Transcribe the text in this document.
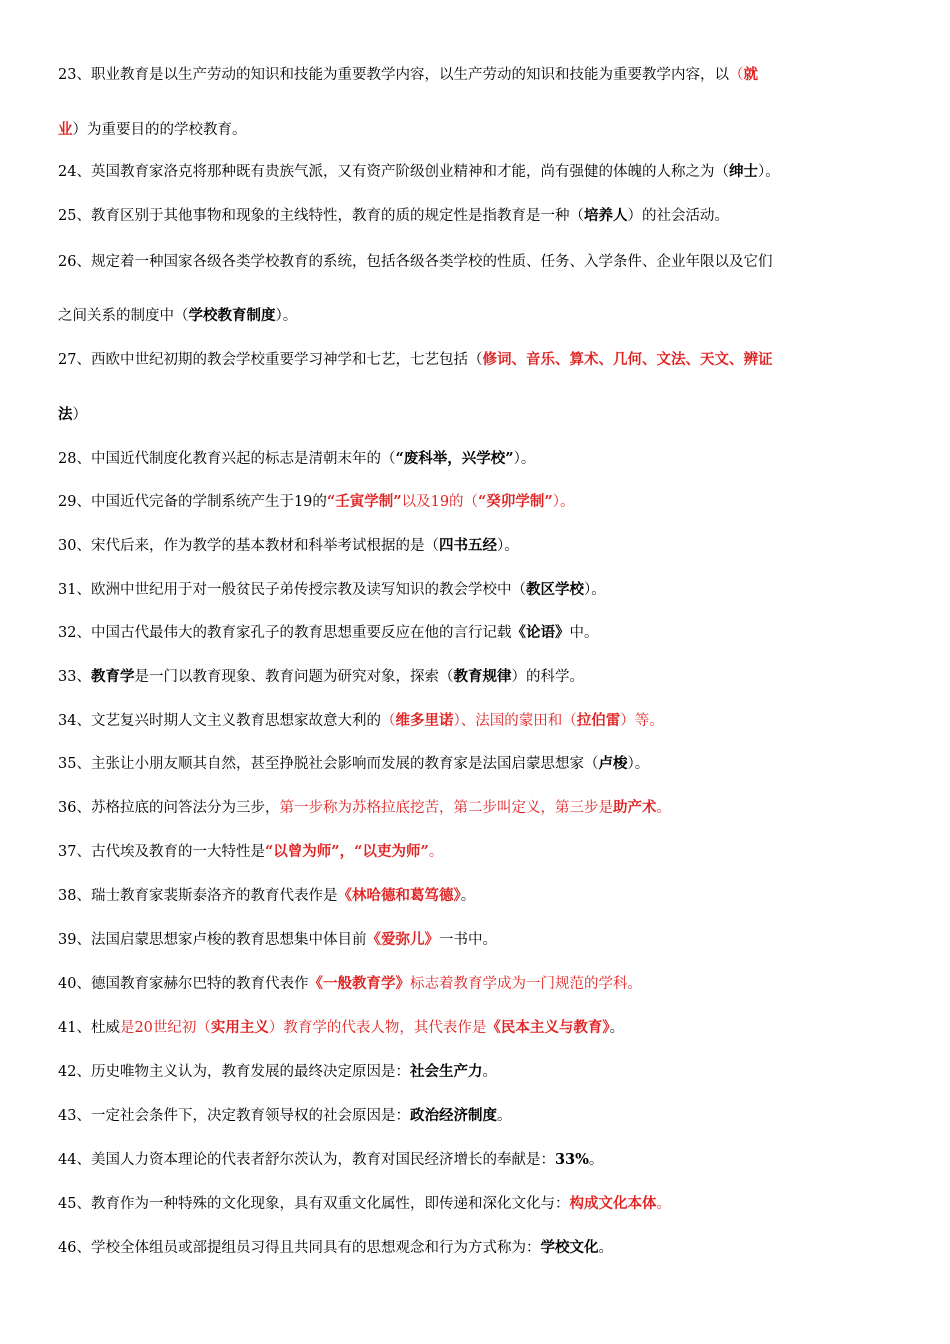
23、职业教育是以生产劳动的知识和技能为重要教学内容，以生产劳动的知识和技能为重要教学内容，以（就
业）为重要目的的学校教育。
24、英国教育家洛克将那种既有贵族气派，又有资产阶级创业精神和才能，尚有强健的体魄的人称之为（绅士）。
25、教育区别于其他事物和现象的主线特性，教育的质的规定性是指教育是一种（培养人）的社会活动。
26、规定着一种国家各级各类学校教育的系统，包括各级各类学校的性质、任务、入学条件、企业年限以及它们
之间关系的制度中（学校教育制度）。
27、西欧中世纪初期的教会学校重要学习神学和七艺，七艺包括（修词、音乐、算术、几何、文法、天文、辨证
法）
28、中国近代制度化教育兴起的标志是清朝末年的（“废科举，兴学校”）。
29、中国近代完备的学制系统产生于19的“壬寅学制”以及19的（“癸卯学制”）。
30、宋代后来，作为教学的基本教材和科举考试根据的是（四书五经）。
31、欧洲中世纪用于对一般贫民子弟传授宗教及读写知识的教会学校中（教区学校）。
32、中国古代最伟大的教育家孔子的教育思想重要反应在他的言行记载《论语》中。
33、教育学是一门以教育现象、教育问题为研究对象，探索（教育规律）的科学。
34、文艺复兴时期人文主义教育思想家故意大利的（维多里诺）、法国的蒙田和（拉伯雷）等。
35、主张让小朋友顺其自然，甚至挣脱社会影响而发展的教育家是法国启蒙思想家（卢梭）。
36、苏格拉底的问答法分为三步，第一步称为苏格拉底挖苦，第二步叫定义，第三步是助产术。
37、古代埃及教育的一大特性是“以曾为师”，“以吏为师”。
38、瑞士教育家裴斯泰洛齐的教育代表作是《林哈德和葛笃德》。
39、法国启蒙思想家卢梭的教育思想集中体目前《爱弥儿》一书中。
40、德国教育家赫尔巴特的教育代表作《一般教育学》标志着教育学成为一门规范的学科。
41、杜威是20世纪初（实用主义）教育学的代表人物，其代表作是《民本主义与教育》。
42、历史唯物主义认为，教育发展的最终决定原因是：社会生产力。
43、一定社会条件下，决定教育领导权的社会原因是：政治经济制度。
44、美国人力资本理论的代表者舒尔茨认为，教育对国民经济增长的奉献是：33%。
45、教育作为一种特殊的文化现象，具有双重文化属性，即传递和深化文化与：构成文化本体。
46、学校全体组员或部提组员习得且共同具有的思想观念和行为方式称为：学校文化。
